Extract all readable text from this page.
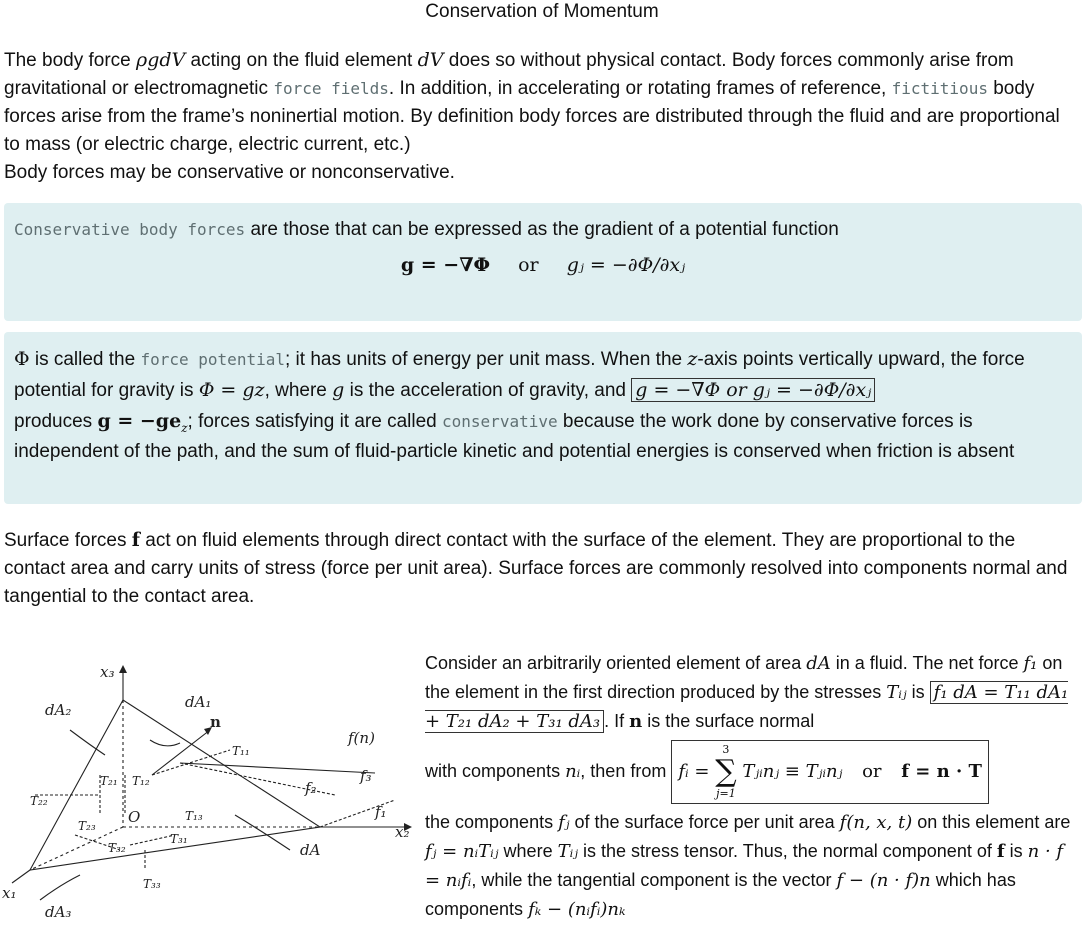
Conservation of Momentum
The body force ρgdV acting on the fluid element dV does so without physical contact. Body forces commonly arise from gravitational or electromagnetic force fields. In addition, in accelerating or rotating frames of reference, fictitious body forces arise from the frame’s noninertial motion. By definition body forces are distributed through the fluid and are proportional to mass (or electric charge, electric current, etc.)
Body forces may be conservative or nonconservative.
Conservative body forces are those that can be expressed as the gradient of a potential function
g = −∇Φ or gⱼ = −∂Φ/∂xⱼ
Φ is called the force potential; it has units of energy per unit mass. When the z-axis points vertically upward, the force potential for gravity is Φ = gz, where g is the acceleration of gravity, and g = −∇Φ or gⱼ = −∂Φ/∂xⱼ
produces $g = -ge_z$; forces satisfying it are called conservative because the work done by conservative forces is independent of the path, and the sum of fluid-particle kinetic and potential energies is conserved when friction is absent
Surface forces f act on fluid elements through direct contact with the surface of the element. They are proportional to the contact area and carry units of stress (force per unit area). Surface forces are commonly resolved into components normal and tangential to the contact area.
x₃
x₂
x₁
dA₂	dA₁
dA₃
dA
n
f(n)
f₁
f₂
f₃
T₁₁
T₁₂
T₁₃
T₂₁
T₂₂
T₂₃
T₃₁
T₃₂
T₃₃
O
Consider an arbitrarily oriented element of area dA in a fluid. The net force f₁ on the element in the first direction produced by the stresses Tᵢⱼ is f₁ dA = T₁₁ dA₁ + T₂₁ dA₂ + T₃₁ dA₃ . If n is the surface normal
with components nᵢ, then from fᵢ =
3
∑
j=1
Tⱼᵢnⱼ ≡ Tⱼᵢnⱼ or f = n · T
the components fⱼ of the surface force per unit area f(n, x, t) on this element are fⱼ = nᵢTᵢⱼ where Tᵢⱼ is the stress tensor. Thus, the normal component of f is n · f = nᵢfᵢ, while the tangential component is the vector f − (n · f)n which has components fₖ − (nᵢfᵢ)nₖ
